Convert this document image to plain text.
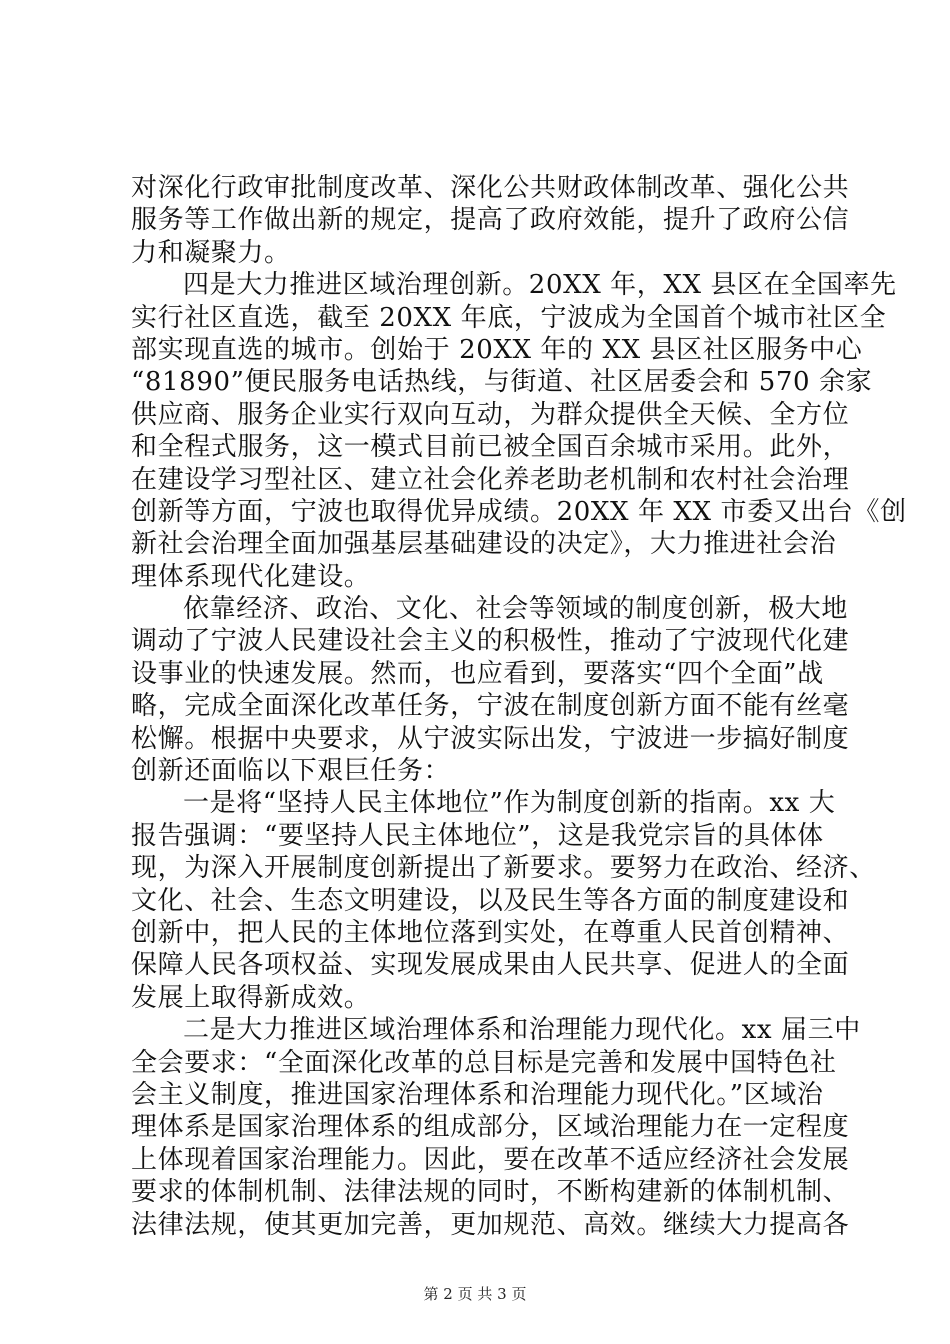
对深化行政审批制度改革、深化公共财政体制改革、强化公共
服务等工作做出新的规定，提高了政府效能，提升了政府公信
力和凝聚力。
四是大力推进区域治理创新。20XX 年，XX 县区在全国率先
实行社区直选，截至 20XX 年底，宁波成为全国首个城市社区全
部实现直选的城市。创始于 20XX 年的 XX 县区社区服务中心
“81890”便民服务电话热线，与街道、社区居委会和 570 余家
供应商、服务企业实行双向互动，为群众提供全天候、全方位
和全程式服务，这一模式目前已被全国百余城市采用。此外，
在建设学习型社区、建立社会化养老助老机制和农村社会治理
创新等方面，宁波也取得优异成绩。20XX 年 XX 市委又出台《创
新社会治理全面加强基层基础建设的决定》，大力推进社会治
理体系现代化建设。
依靠经济、政治、文化、社会等领域的制度创新，极大地
调动了宁波人民建设社会主义的积极性，推动了宁波现代化建
设事业的快速发展。然而，也应看到，要落实“四个全面”战
略，完成全面深化改革任务，宁波在制度创新方面不能有丝毫
松懈。根据中央要求，从宁波实际出发，宁波进一步搞好制度
创新还面临以下艰巨任务：
一是将“坚持人民主体地位”作为制度创新的指南。xx 大
报告强调：“要坚持人民主体地位”，这是我党宗旨的具体体
现，为深入开展制度创新提出了新要求。要努力在政治、经济、
文化、社会、生态文明建设，以及民生等各方面的制度建设和
创新中，把人民的主体地位落到实处，在尊重人民首创精神、
保障人民各项权益、实现发展成果由人民共享、促进人的全面
发展上取得新成效。
二是大力推进区域治理体系和治理能力现代化。xx 届三中
全会要求：“全面深化改革的总目标是完善和发展中国特色社
会主义制度，推进国家治理体系和治理能力现代化。”区域治
理体系是国家治理体系的组成部分，区域治理能力在一定程度
上体现着国家治理能力。因此，要在改革不适应经济社会发展
要求的体制机制、法律法规的同时，不断构建新的体制机制、
法律法规，使其更加完善，更加规范、高效。继续大力提高各
第 2 页 共 3 页
